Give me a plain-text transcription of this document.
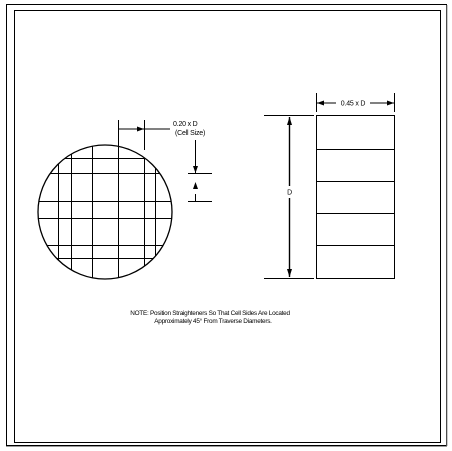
0.20 x D
(Cell Size)
0.45 x D
D
NOTE: Position Straighteners So That Cell Sides Are Located
Approximately 45° From Traverse Diameters.
